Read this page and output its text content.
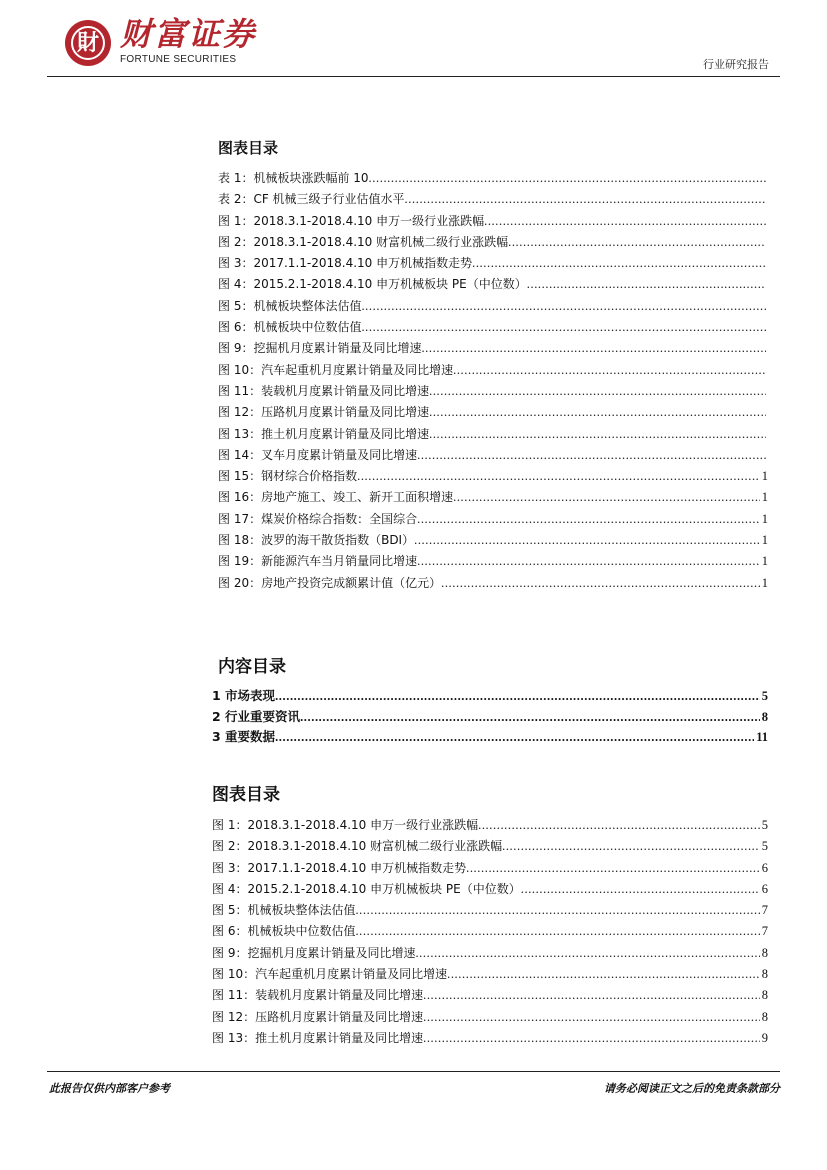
財 财富证券
FORTUNE SECURITIES	行业研究报告
图表目录
表 1：机械板块涨跌幅前 10
.....
表 2：CF 机械三级子行业估值水平
.....
图 1：2018.3.1-2018.4.10 申万一级行业涨跌幅
.....
图 2：2018.3.1-2018.4.10 财富机械二级行业涨跌幅
.....
图 3：2017.1.1-2018.4.10 申万机械指数走势
.....
图 4：2015.2.1-2018.4.10 申万机械板块 PE（中位数）
.....
图 5：机械板块整体法估值
.....
图 6：机械板块中位数估值
.....
图 9：挖掘机月度累计销量及同比增速
.....
图 10：汽车起重机月度累计销量及同比增速
.....
图 11：装载机月度累计销量及同比增速
.....
图 12：压路机月度累计销量及同比增速
.....
图 13：推土机月度累计销量及同比增速
.....
图 14：叉车月度累计销量及同比增速
.....
图 15：钢材综合价格指数 .....	1
图 16：房地产施工、竣工、新开工面积增速 .....	1
图 17：煤炭价格综合指数：全国综合 .....	1
图 18：波罗的海干散货指数（BDI） .....	1
图 19：新能源汽车当月销量同比增速 .....	1
图 20：房地产投资完成额累计值（亿元） .....	1
内容目录
1 市场表现 .....	5
2 行业重要资讯 .....	8
3 重要数据 .....	11
图表目录
图 1：2018.3.1-2018.4.10 申万一级行业涨跌幅 .....	5
图 2：2018.3.1-2018.4.10 财富机械二级行业涨跌幅 .....	5
图 3：2017.1.1-2018.4.10 申万机械指数走势 .....	6
图 4：2015.2.1-2018.4.10 申万机械板块 PE（中位数） .....	6
图 5：机械板块整体法估值 .....	7
图 6：机械板块中位数估值 .....	7
图 9：挖掘机月度累计销量及同比增速 .....	8
图 10：汽车起重机月度累计销量及同比增速 .....	8
图 11：装载机月度累计销量及同比增速 .....	8
图 12：压路机月度累计销量及同比增速 .....	8
图 13：推土机月度累计销量及同比增速 .....	9
此报告仅供内部客户参考	请务必阅读正文之后的免责条款部分
